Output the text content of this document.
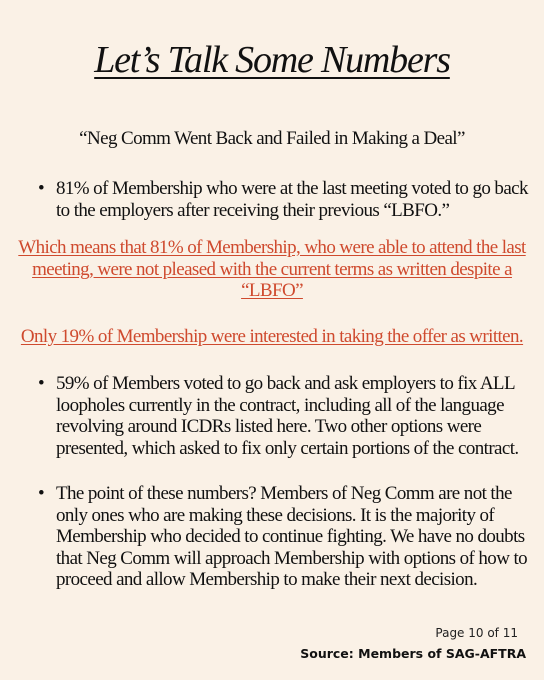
Let’s Talk Some Numbers

“Neg Comm Went Back and Failed in Making a Deal”

• 81% of Membership who were at the last meeting voted to go back to the employers after receiving their previous “LBFO.”

Which means that 81% of Membership, who were able to attend the last meeting, were not pleased with the current terms as written despite a “LBFO”

Only 19% of Membership were interested in taking the offer as written.

• 59% of Members voted to go back and ask employers to fix ALL loopholes currently in the contract, including all of the language revolving around ICDRs listed here. Two other options were presented, which asked to fix only certain portions of the contract.
• The point of these numbers? Members of Neg Comm are not the only ones who are making these decisions. It is the majority of Membership who decided to continue fighting. We have no doubts that Neg Comm will approach Membership with options of how to proceed and allow Membership to make their next decision.
Page 10 of 11
Source: Members of SAG-AFTRA
